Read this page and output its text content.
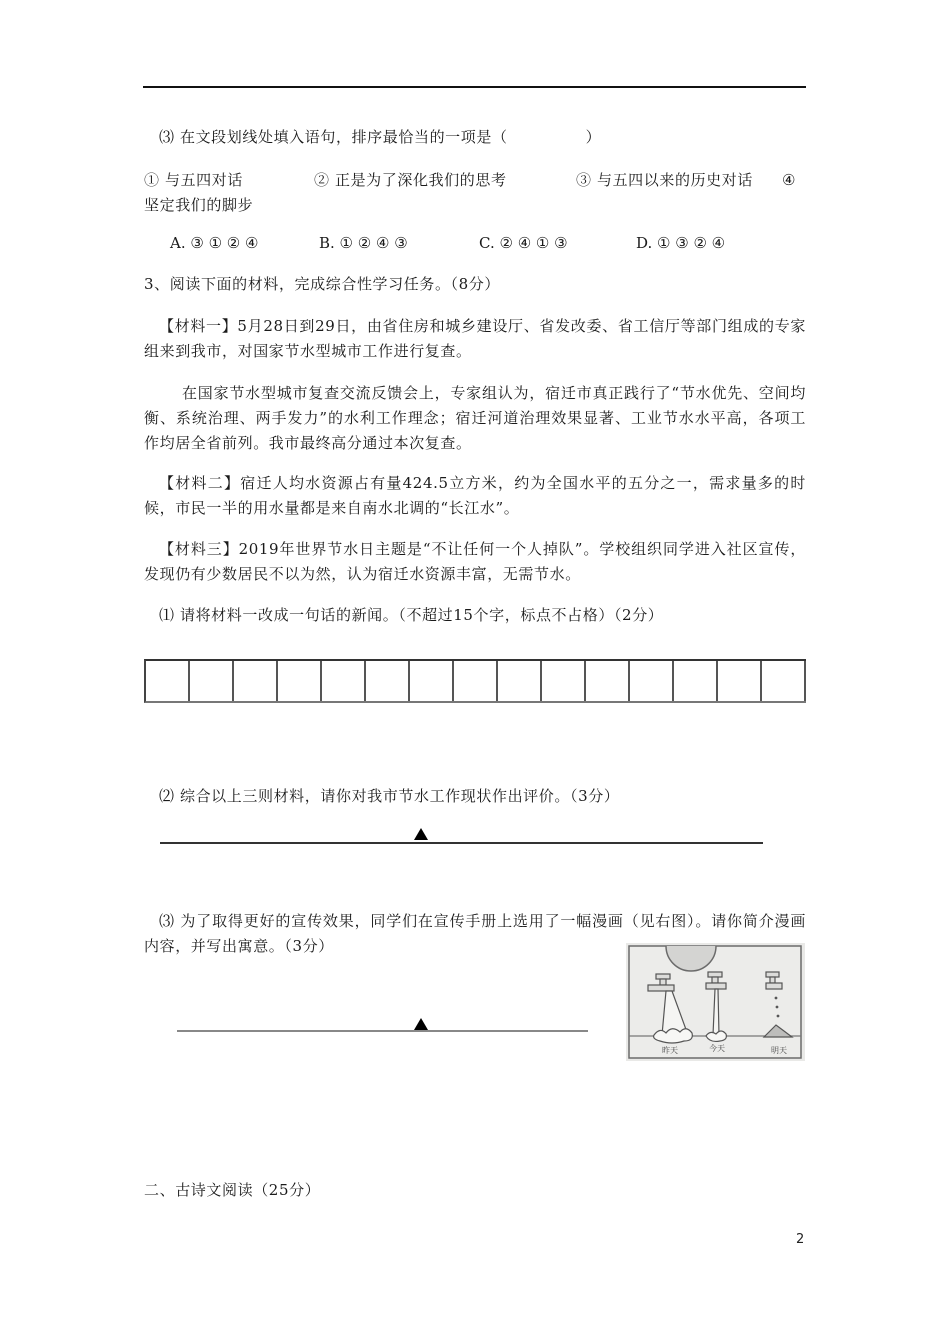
⑶ 在文段划线处填入语句，排序最恰当的一项是（　　　　　）
① 与五四对话	② 正是为了深化我们的思考	③ 与五四以来的历史对话 ④
坚定我们的脚步
A. ③ ① ② ④	B. ① ② ④ ③	C. ② ④ ① ③	D. ① ③ ② ④
3、阅读下面的材料，完成综合性学习任务。（8分）
【材料一】5月28日到29日，由省住房和城乡建设厅、省发改委、省工信厅等部门组成的专家组来到我市，对国家节水型城市工作进行复查。
在国家节水型城市复查交流反馈会上，专家组认为，宿迁市真正践行了“节水优先、空间均衡、系统治理、两手发力”的水利工作理念；宿迁河道治理效果显著、工业节水水平高，各项工作均居全省前列。我市最终高分通过本次复查。
【材料二】宿迁人均水资源占有量424.5立方米，约为全国水平的五分之一，需求量多的时候，市民一半的用水量都是来自南水北调的“长江水”。
【材料三】2019年世界节水日主题是“不让任何一个人掉队”。学校组织同学进入社区宣传，发现仍有少数居民不以为然，认为宿迁水资源丰富，无需节水。
⑴ 请将材料一改成一句话的新闻。（不超过15个字，标点不占格）（2分）
⑵ 综合以上三则材料，请你对我市节水工作现状作出评价。（3分）
⑶ 为了取得更好的宣传效果，同学们在宣传手册上选用了一幅漫画（见右图）。请你简介漫画内容，并写出寓意。（3分）
昨天	今天	明天
二、古诗文阅读（25分）
2
